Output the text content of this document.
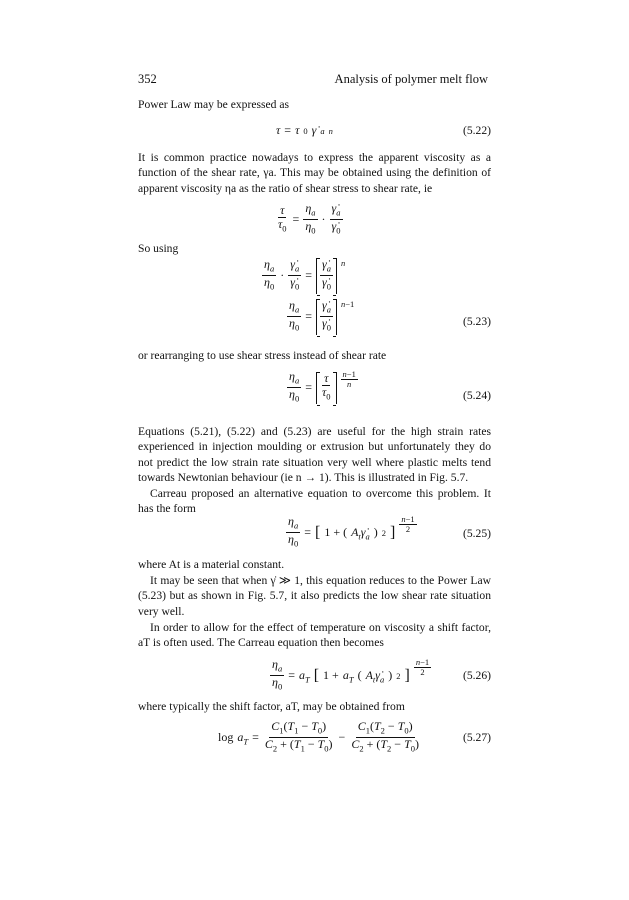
352	Analysis of polymer melt flow
Power Law may be expressed as
τ = τ 0 γ̇ a n	(5.22)
It is common practice nowadays to express the apparent viscosity as a function of the shear rate, γa. This may be obtained using the definition of apparent viscosity ηa as the ratio of shear stress to shear rate, ie
$\frac{\tau}{\tau_0} = \frac{\eta_a}{\eta_0} \cdot \frac{\gammȧ_a}{\gammȧ_0}$
So using
$\frac{\eta_a}{\eta_0} \cdot \frac{\gammȧ_a}{\gammȧ_0} = \frac{\gammȧ_a}{\gammȧ_0} ^n$
$\frac{\eta_a}{\eta_0} = \frac{\gammȧ_a}{\gammȧ_0} ^{n-1}$
(5.23)
or rearranging to use shear stress instead of shear rate
$\frac{\eta_a}{\eta_0} = \frac{\tau}{\tau_0} \frac{n-1}{n}$
(5.24)
Equations (5.21), (5.22) and (5.23) are useful for the high strain rates experienced in injection moulding or extrusion but unfortunately they do not predict the low strain rate situation very well where plastic melts tend towards Newtonian behaviour (ie n → 1). This is illustrated in Fig. 5.7.
Carreau proposed an alternative equation to overcome this problem. It has the form
$\frac{\eta_a}{\eta_0}$ = [ 1 + ( $A_t\gammȧ_a$ ) 2 ] $\frac{n-1}{2}$	(5.25)
where At is a material constant.
It may be seen that when γ̇ ≫ 1, this equation reduces to the Power Law (5.23) but as shown in Fig. 5.7, it also predicts the low shear rate situation very well.
In order to allow for the effect of temperature on viscosity a shift factor, aT is often used. The Carreau equation then becomes
$\frac{\eta_a}{\eta_0} = a_T$ [ $1 + a_T$ ( $A_t\gammȧ_a$ ) 2 ] $\frac{n-1}{2}$	(5.26)
where typically the shift factor, aT, may be obtained from
$\log a_T = \frac{C_1(T_1 - T_0)}{C_2 + (T_1 - T_0)} - \frac{C_1(T_2 - T_0)}{C_2 + (T_2 - T_0)}$	(5.27)
